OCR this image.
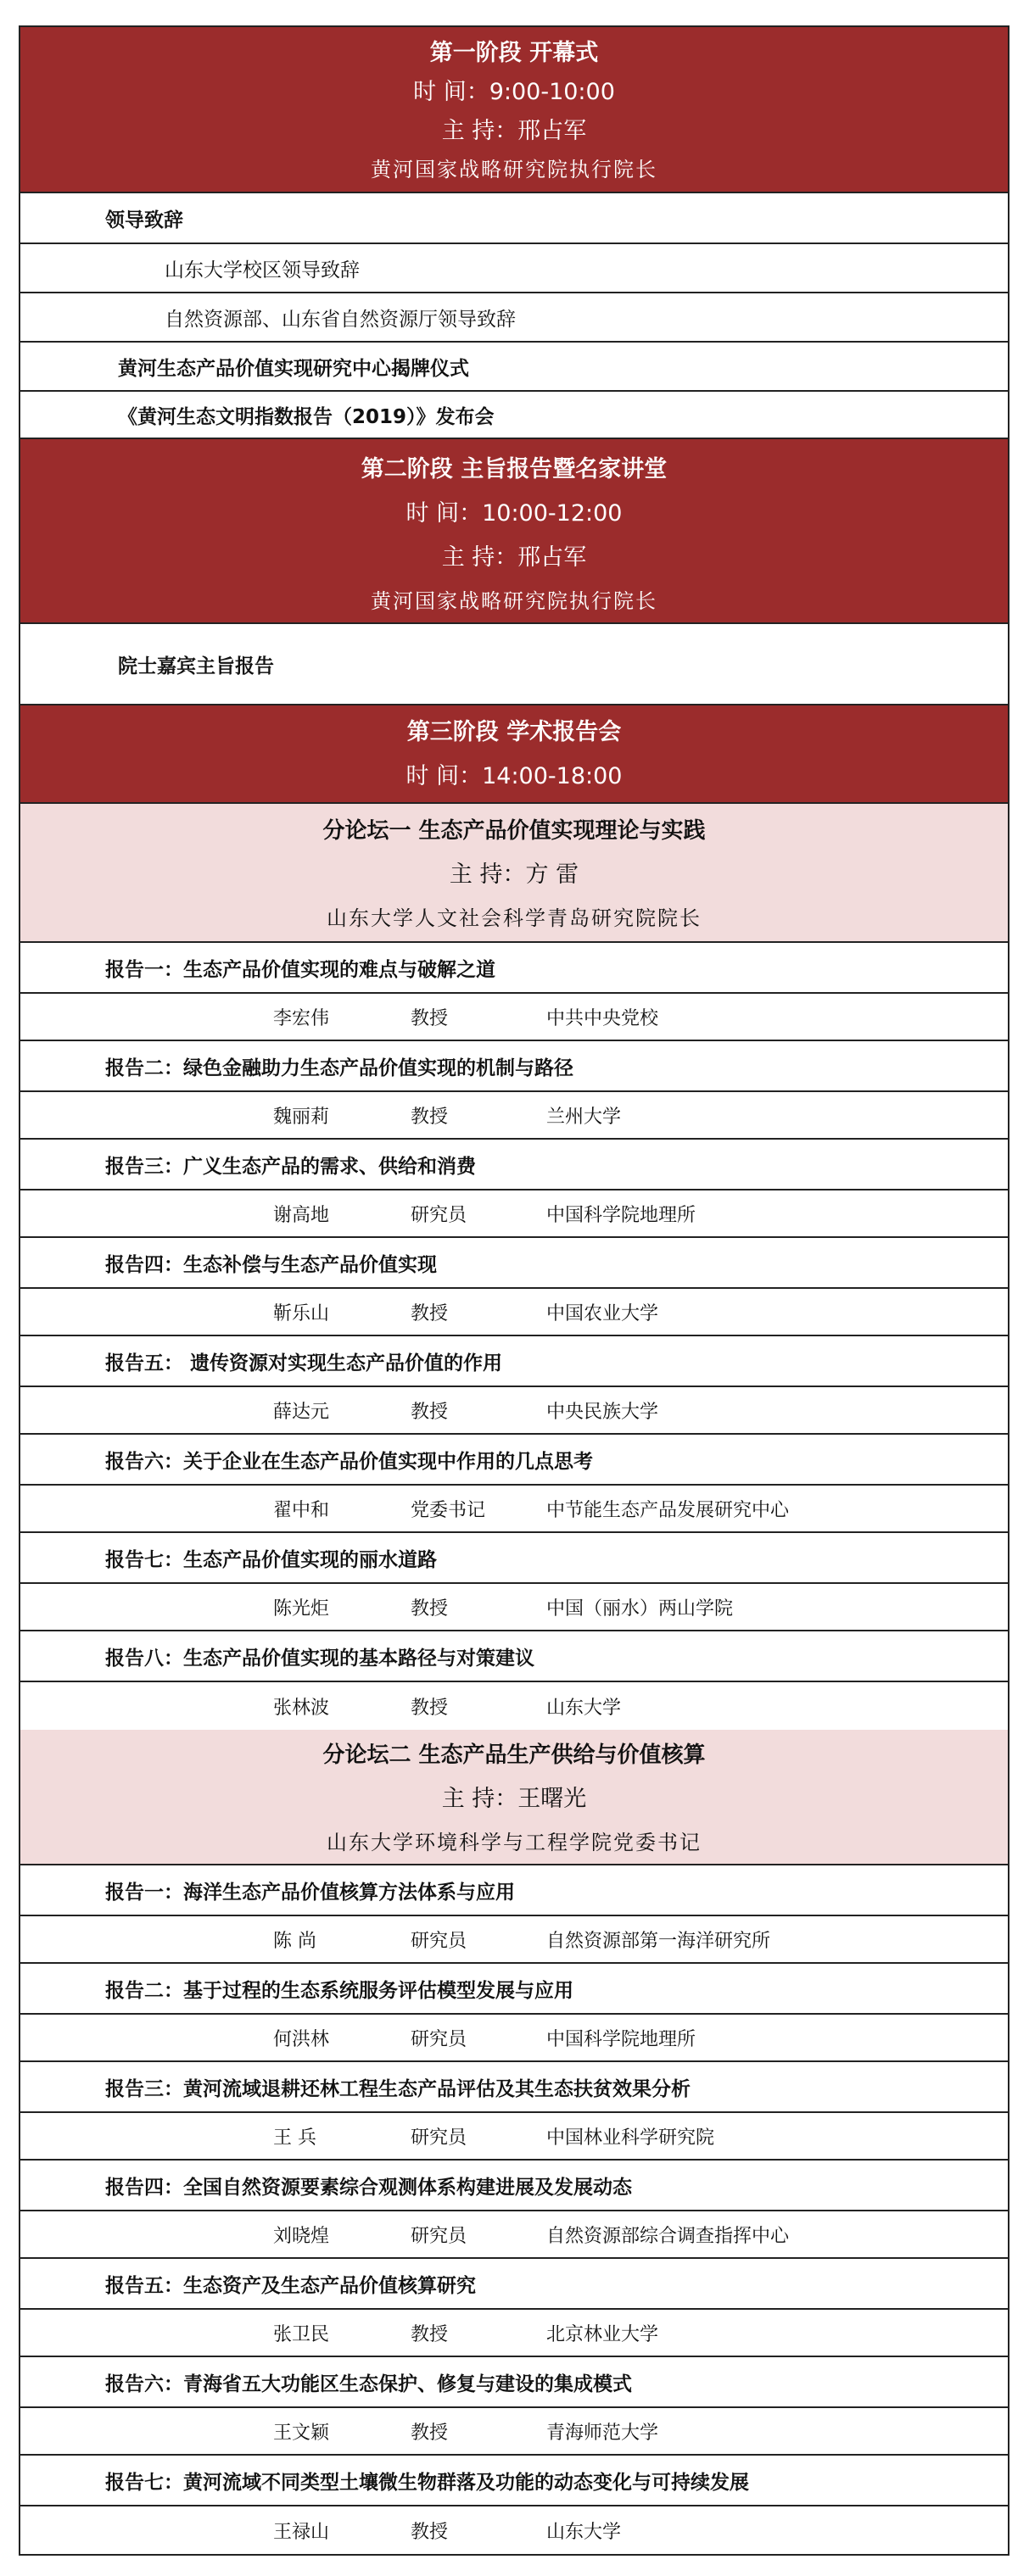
第一阶段 开幕式
时 间：9:00-10:00
主 持：邢占军
黄河国家战略研究院执行院长
领导致辞
山东大学校区领导致辞
自然资源部、山东省自然资源厅领导致辞
黄河生态产品价值实现研究中心揭牌仪式
《黄河生态文明指数报告（2019）》发布会
第二阶段 主旨报告暨名家讲堂
时 间：10:00-12:00
主 持：邢占军
黄河国家战略研究院执行院长
院士嘉宾主旨报告
第三阶段 学术报告会
时 间：14:00-18:00
分论坛一 生态产品价值实现理论与实践
主 持：方 雷
山东大学人文社会科学青岛研究院院长
报告一：生态产品价值实现的难点与破解之道
李宏伟	教授	中共中央党校
报告二：绿色金融助力生态产品价值实现的机制与路径
魏丽莉	教授	兰州大学
报告三：广义生态产品的需求、供给和消费
谢高地	研究员	中国科学院地理所
报告四：生态补偿与生态产品价值实现
靳乐山	教授	中国农业大学
报告五： 遗传资源对实现生态产品价值的作用
薛达元	教授	中央民族大学
报告六：关于企业在生态产品价值实现中作用的几点思考
翟中和	党委书记	中节能生态产品发展研究中心
报告七：生态产品价值实现的丽水道路
陈光炬	教授	中国（丽水）两山学院
报告八：生态产品价值实现的基本路径与对策建议
张林波	教授	山东大学
分论坛二 生态产品生产供给与价值核算
主 持：王曙光
山东大学环境科学与工程学院党委书记
报告一：海洋生态产品价值核算方法体系与应用
陈 尚	研究员	自然资源部第一海洋研究所
报告二：基于过程的生态系统服务评估模型发展与应用
何洪林	研究员	中国科学院地理所
报告三：黄河流域退耕还林工程生态产品评估及其生态扶贫效果分析
王 兵	研究员	中国林业科学研究院
报告四：全国自然资源要素综合观测体系构建进展及发展动态
刘晓煌	研究员	自然资源部综合调查指挥中心
报告五：生态资产及生态产品价值核算研究
张卫民	教授	北京林业大学
报告六：青海省五大功能区生态保护、修复与建设的集成模式
王文颖	教授	青海师范大学
报告七：黄河流域不同类型土壤微生物群落及功能的动态变化与可持续发展
王禄山	教授	山东大学
